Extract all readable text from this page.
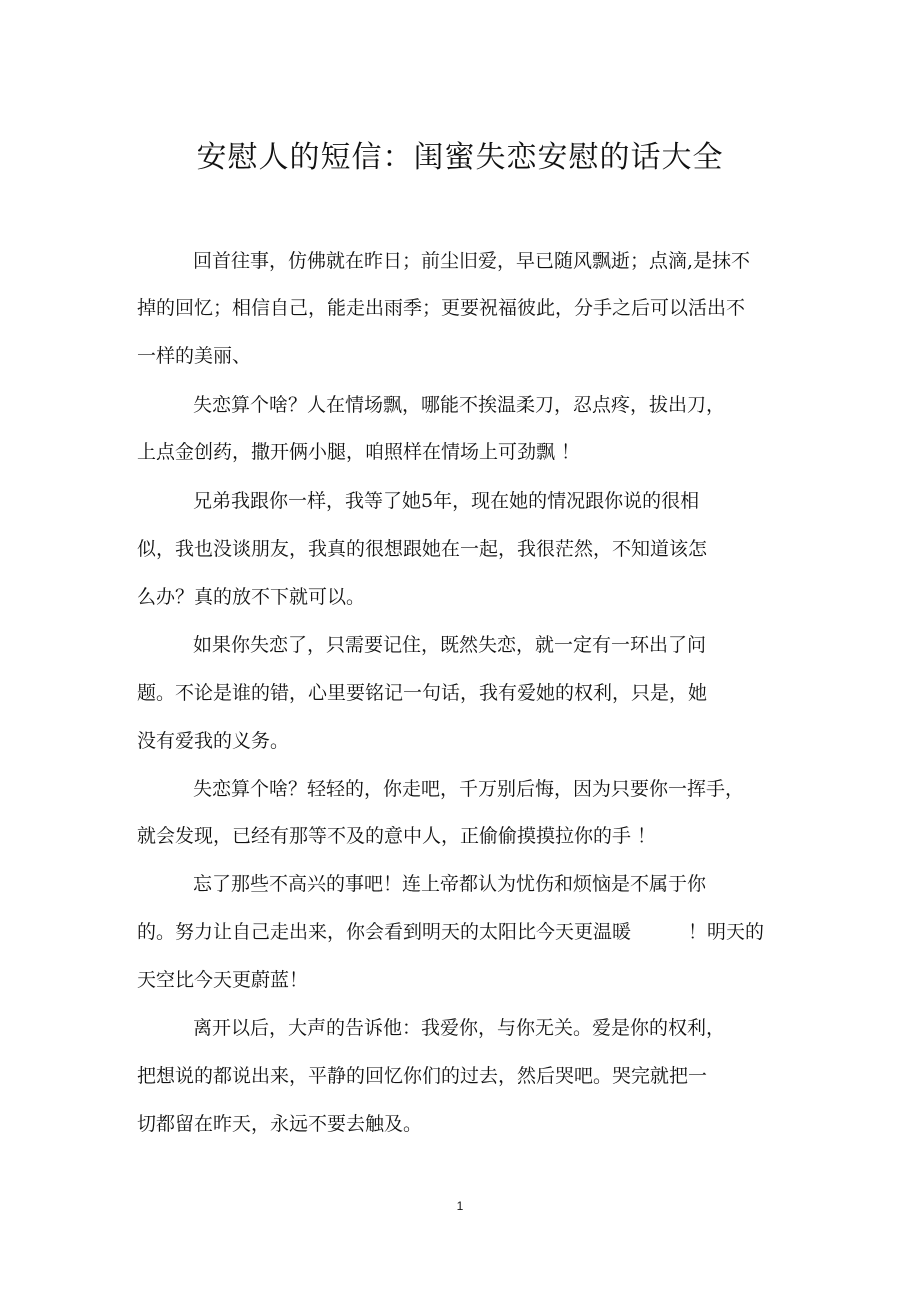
安慰人的短信：闺蜜失恋安慰的话大全

回首往事，仿佛就在昨日；前尘旧爱，早已随风飘逝；点滴,是抹不

掉的回忆；相信自己，能走出雨季；更要祝福彼此，分手之后可以活出不

一样的美丽、

失恋算个啥？人在情场飘，哪能不挨温柔刀，忍点疼，拔出刀，

上点金创药，撒开俩小腿，咱照样在情场上可劲飘 ！

兄弟我跟你一样，我等了她5年，现在她的情况跟你说的很相

似，我也没谈朋友，我真的很想跟她在一起，我很茫然，不知道该怎

么办？真的放不下就可以。

如果你失恋了，只需要记住，既然失恋，就一定有一环出了问

题。不论是谁的错，心里要铭记一句话，我有爱她的权利，只是，她

没有爱我的义务。

失恋算个啥？轻轻的，你走吧，千万别后悔，因为只要你一挥手，

就会发现，已经有那等不及的意中人，正偷偷摸摸拉你的手 ！

忘了那些不高兴的事吧！连上帝都认为忧伤和烦恼是不属于你

的。努力让自己走出来，你会看到明天的太阳比今天更温暖　　　！明天的

天空比今天更蔚蓝！

离开以后，大声的告诉他：我爱你，与你无关。爱是你的权利，

把想说的都说出来，平静的回忆你们的过去，然后哭吧。哭完就把一

切都留在昨天，永远不要去触及。

1
